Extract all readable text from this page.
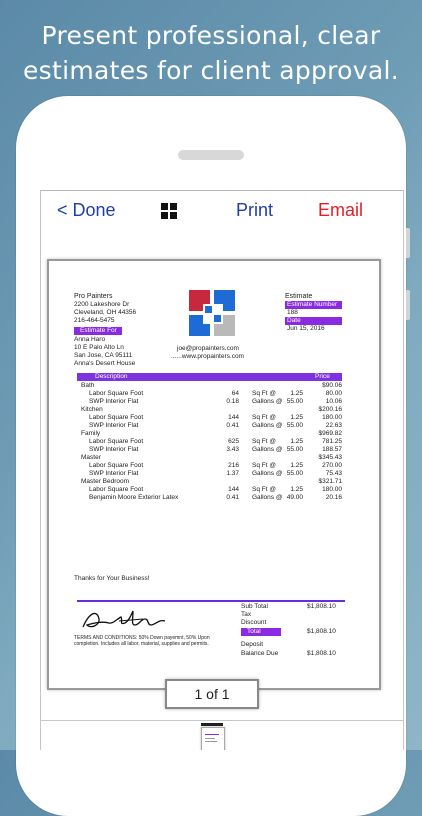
Present professional, clear
estimates for client approval.
< Done	Print Email
Pro Painters
2200 Lakeshore Dr
Cleveland, OH 44356
216-464-5475
Estimate For
Anna Haro
10 E Palo Alto Ln
San Jose, CA 95111
Anna's Desert House
joe@propainters.com
......www.propainters.com
Estimate
Estimate Number
188
Date
Jun 15, 2016
Description	Price
Bath	$90.06
Labor Square Foot	64 Sq Ft @ 1.25	80.00
SWP Interior Flat	0.18 Gallons @ 55.00	10.06
Kitchen	$200.16
Labor Square Foot	144 Sq Ft @ 1.25	180.00
SWP Interior Flat	0.41 Gallons @ 55.00	22.63
Family	$969.82
Labor Square Foot	625 Sq Ft @ 1.25	781.25
SWP Interior Flat	3.43 Gallons @ 55.00	188.57
Master	$345.43
Labor Square Foot	216 Sq Ft @ 1.25	270.00
SWP Interior Flat	1.37 Gallons @ 55.00	75.43
Master Bedroom	$321.71
Labor Square Foot	144 Sq Ft @ 1.25	180.00
Benjamin Moore Exterior Latex	0.41 Gallons @ 49.00	20.16
Thanks for Your Business!
TERMS AND CONDITIONS: 50% Down payemnt, 50% Upon
completion. Includes all labor, material, supplies and permits.
Sub Total	$1,808.10
Tax
Discount
Total	$1,808.10
Deposit
Balance Due	$1,808.10
1 of 1
